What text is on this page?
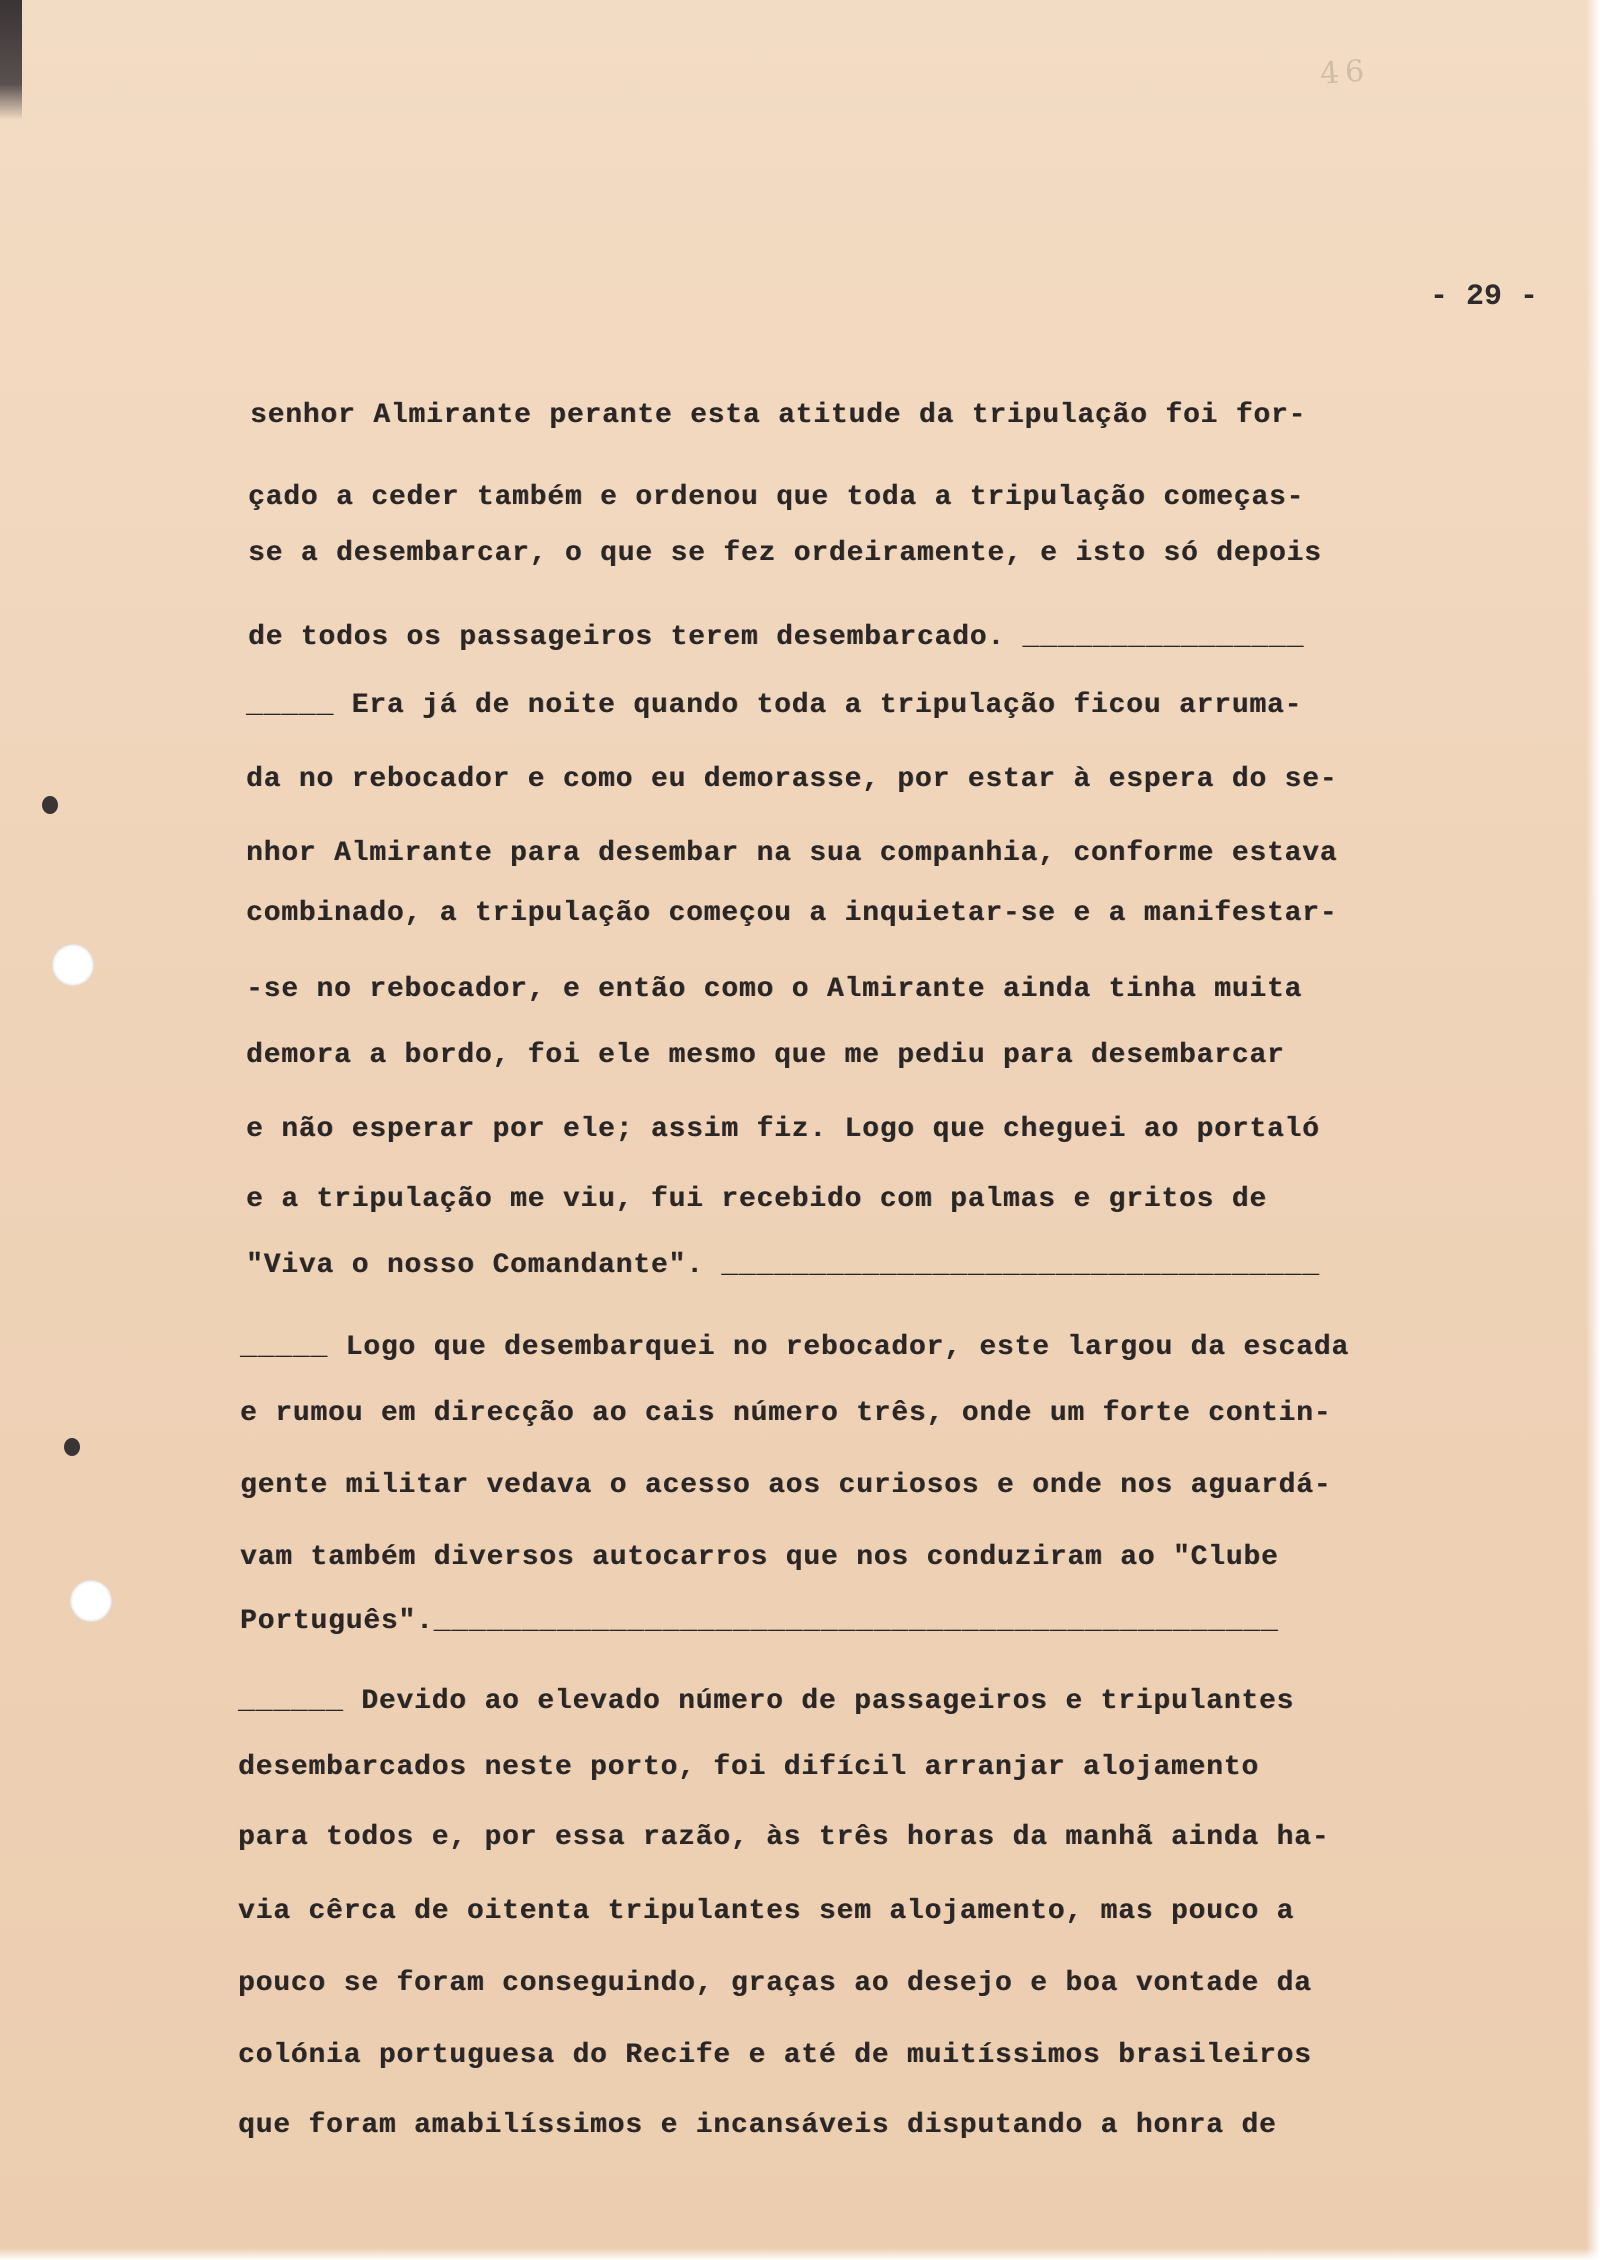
46
- 29 -
senhor Almirante perante esta atitude da tripulação foi for-
çado a ceder também e ordenou que toda a tripulação começas-
se a desembarcar, o que se fez ordeiramente, e isto só depois
de todos os passageiros terem desembarcado. ________________
_____ Era já de noite quando toda a tripulação ficou arruma-
da no rebocador e como eu demorasse, por estar à espera do se-
nhor Almirante para desembar na sua companhia, conforme estava
combinado, a tripulação começou a inquietar-se e a manifestar-
-se no rebocador, e então como o Almirante ainda tinha muita
demora a bordo, foi ele mesmo que me pediu para desembarcar
e não esperar por ele; assim fiz. Logo que cheguei ao portaló
e a tripulação me viu, fui recebido com palmas e gritos de
"Viva o nosso Comandante". __________________________________
_____ Logo que desembarquei no rebocador, este largou da escada
e rumou em direcção ao cais número três, onde um forte contin-
gente militar vedava o acesso aos curiosos e onde nos aguardá-
vam também diversos autocarros que nos conduziram ao "Clube
Português".________________________________________________
______ Devido ao elevado número de passageiros e tripulantes
desembarcados neste porto, foi difícil arranjar alojamento
para todos e, por essa razão, às três horas da manhã ainda ha-
via cêrca de oitenta tripulantes sem alojamento, mas pouco a
pouco se foram conseguindo, graças ao desejo e boa vontade da
colónia portuguesa do Recife e até de muitíssimos brasileiros
que foram amabilíssimos e incansáveis disputando a honra de
